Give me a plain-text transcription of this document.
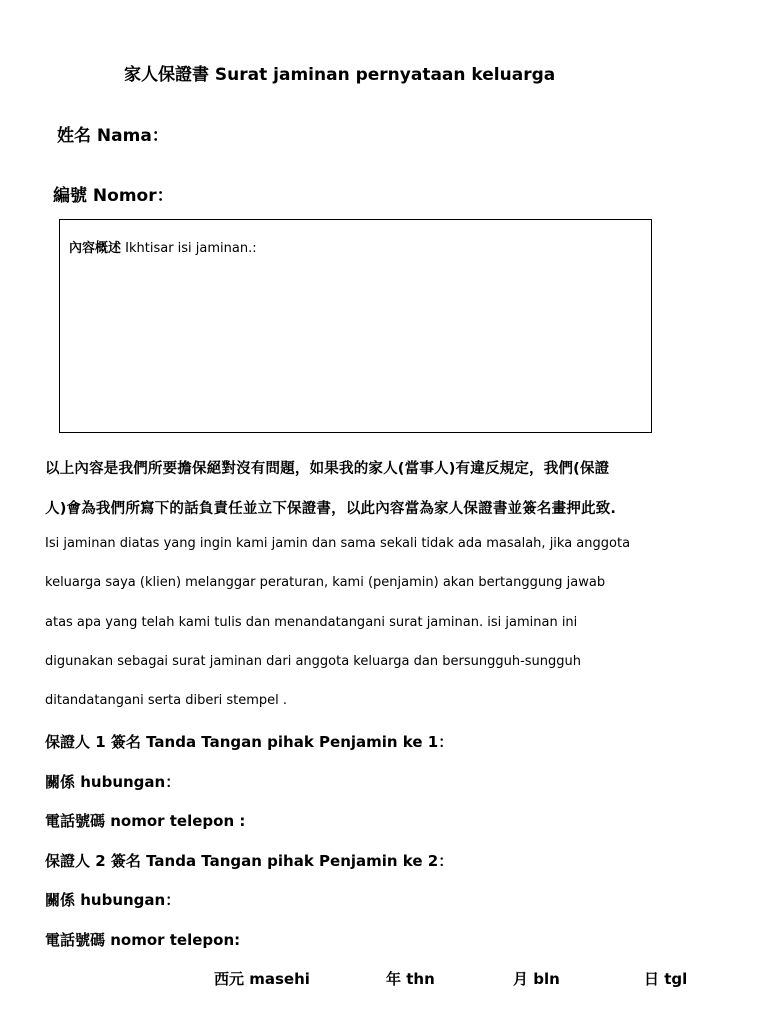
家人保證書 Surat jaminan pernyataan keluarga
姓名 Nama：
編號 Nomor：
內容概述 Ikhtisar isi jaminan.:
以上內容是我們所要擔保絕對沒有問題，如果我的家人(當事人)有違反規定，我們(保證
人)會為我們所寫下的話負責任並立下保證書，以此內容當為家人保證書並簽名畫押此致.
Isi jaminan diatas yang ingin kami jamin dan sama sekali tidak ada masalah, jika anggota
keluarga saya (klien) melanggar peraturan, kami (penjamin) akan bertanggung jawab
atas apa yang telah kami tulis dan menandatangani surat jaminan. isi jaminan ini
digunakan sebagai surat jaminan dari anggota keluarga dan bersungguh-sungguh
ditandatangani serta diberi stempel .
保證人 1 簽名 Tanda Tangan pihak Penjamin ke 1：
關係 hubungan：
電話號碼 nomor telepon :
保證人 2 簽名 Tanda Tangan pihak Penjamin ke 2：
關係 hubungan：
電話號碼 nomor telepon:
西元 masehi	年 thn	月 bln	日 tgl
